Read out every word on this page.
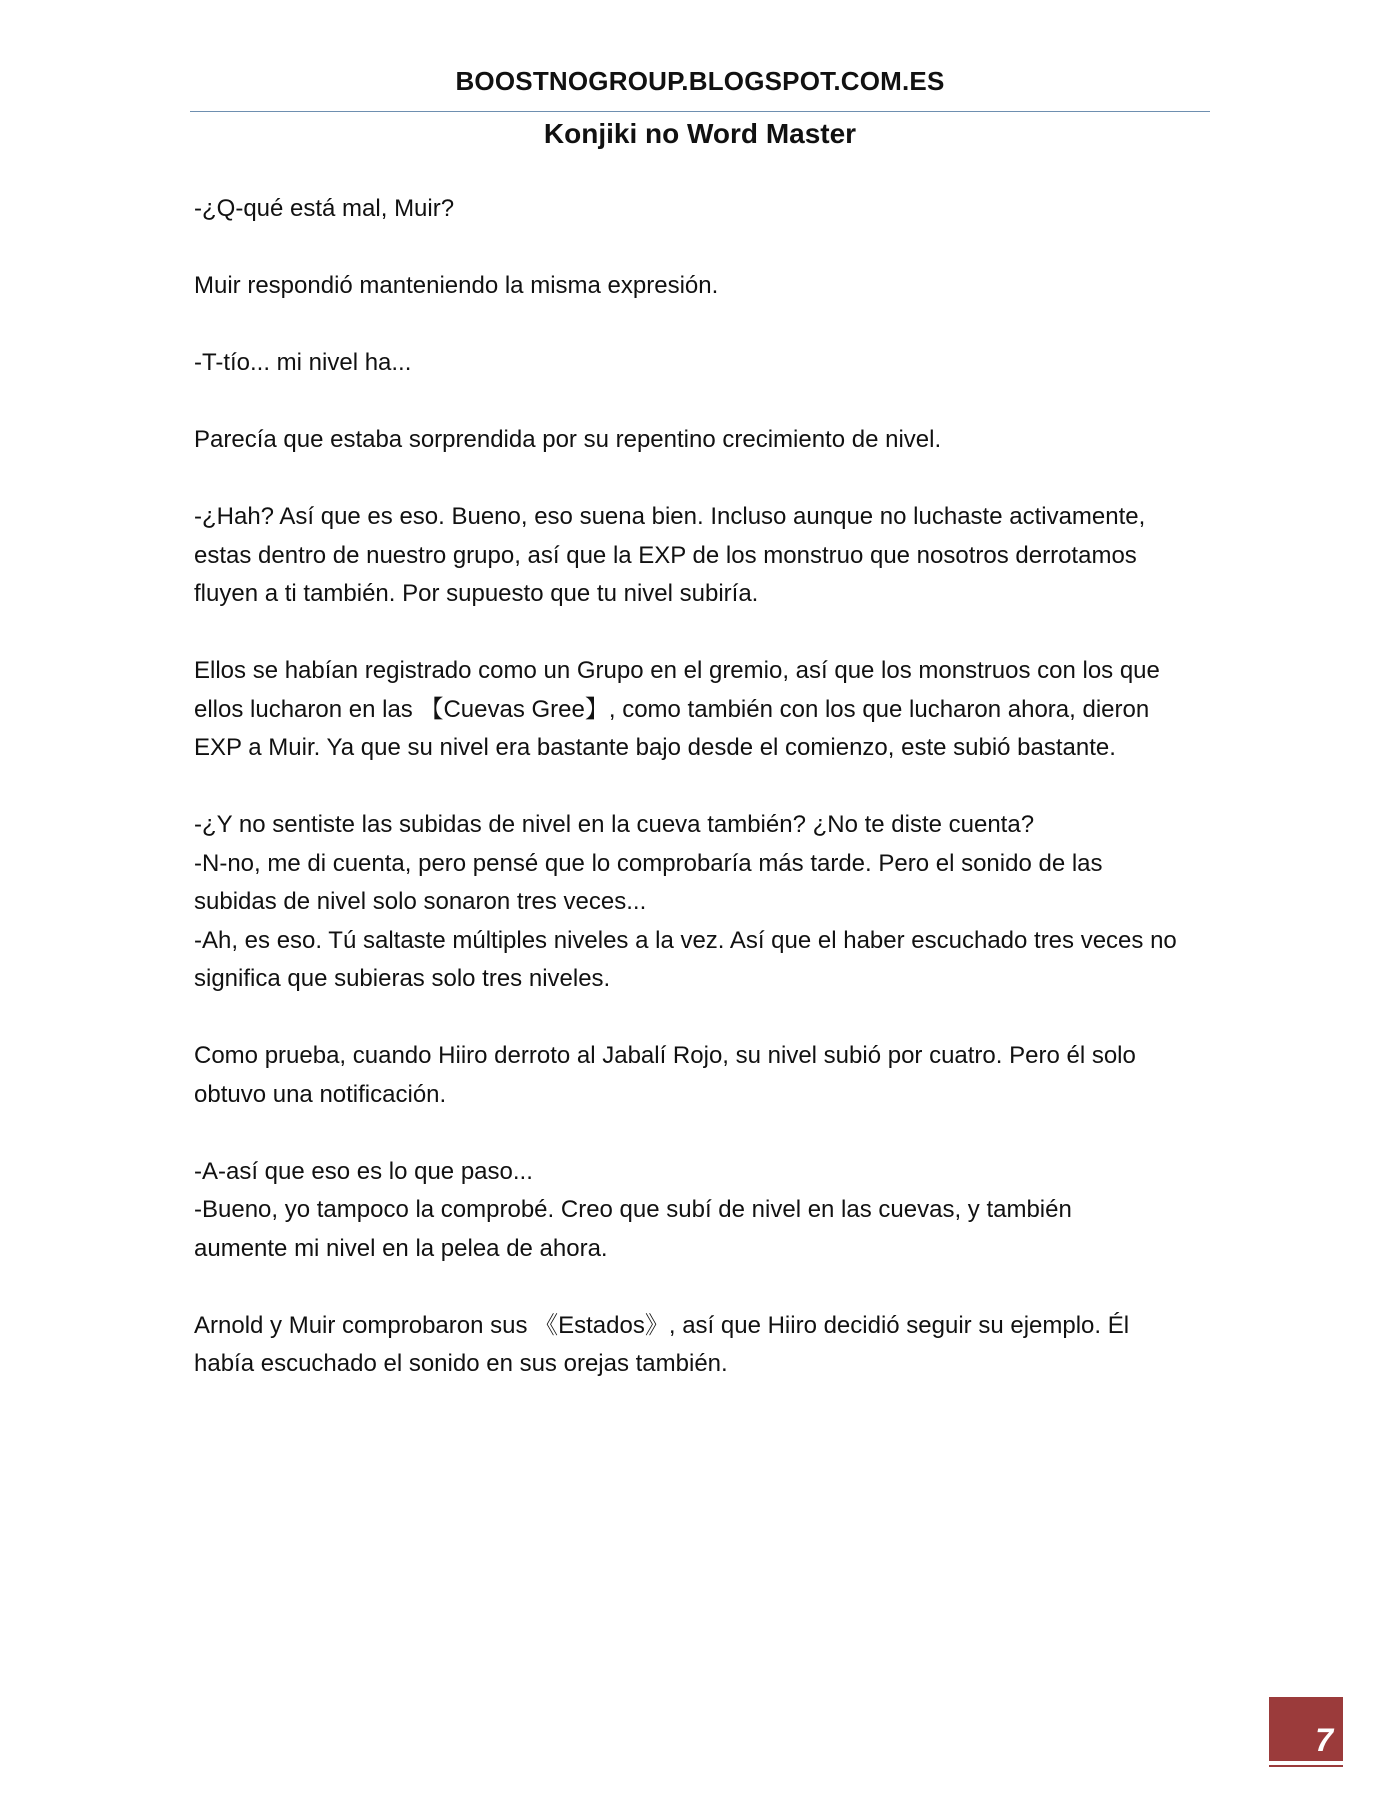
BOOSTNOGROUP.BLOGSPOT.COM.ES
Konjiki no Word Master

-¿Q-qué está mal, Muir?

Muir respondió manteniendo la misma expresión.

-T-tío... mi nivel ha...

Parecía que estaba sorprendida por su repentino crecimiento de nivel.

-¿Hah? Así que es eso. Bueno, eso suena bien. Incluso aunque no luchaste activamente,
estas dentro de nuestro grupo, así que la EXP de los monstruo que nosotros derrotamos
fluyen a ti también. Por supuesto que tu nivel subiría.

Ellos se habían registrado como un Grupo en el gremio, así que los monstruos con los que
ellos lucharon en las 【Cuevas Gree】, como también con los que lucharon ahora, dieron
EXP a Muir. Ya que su nivel era bastante bajo desde el comienzo, este subió bastante.

-¿Y no sentiste las subidas de nivel en la cueva también? ¿No te diste cuenta?
-N-no, me di cuenta, pero pensé que lo comprobaría más tarde. Pero el sonido de las
subidas de nivel solo sonaron tres veces...
-Ah, es eso. Tú saltaste múltiples niveles a la vez. Así que el haber escuchado tres veces no
significa que subieras solo tres niveles.

Como prueba, cuando Hiiro derroto al Jabalí Rojo, su nivel subió por cuatro. Pero él solo
obtuvo una notificación.

-A-así que eso es lo que paso...
-Bueno, yo tampoco la comprobé. Creo que subí de nivel en las cuevas, y también
aumente mi nivel en la pelea de ahora.

Arnold y Muir comprobaron sus 《Estados》, así que Hiiro decidió seguir su ejemplo. Él
había escuchado el sonido en sus orejas también.

7
